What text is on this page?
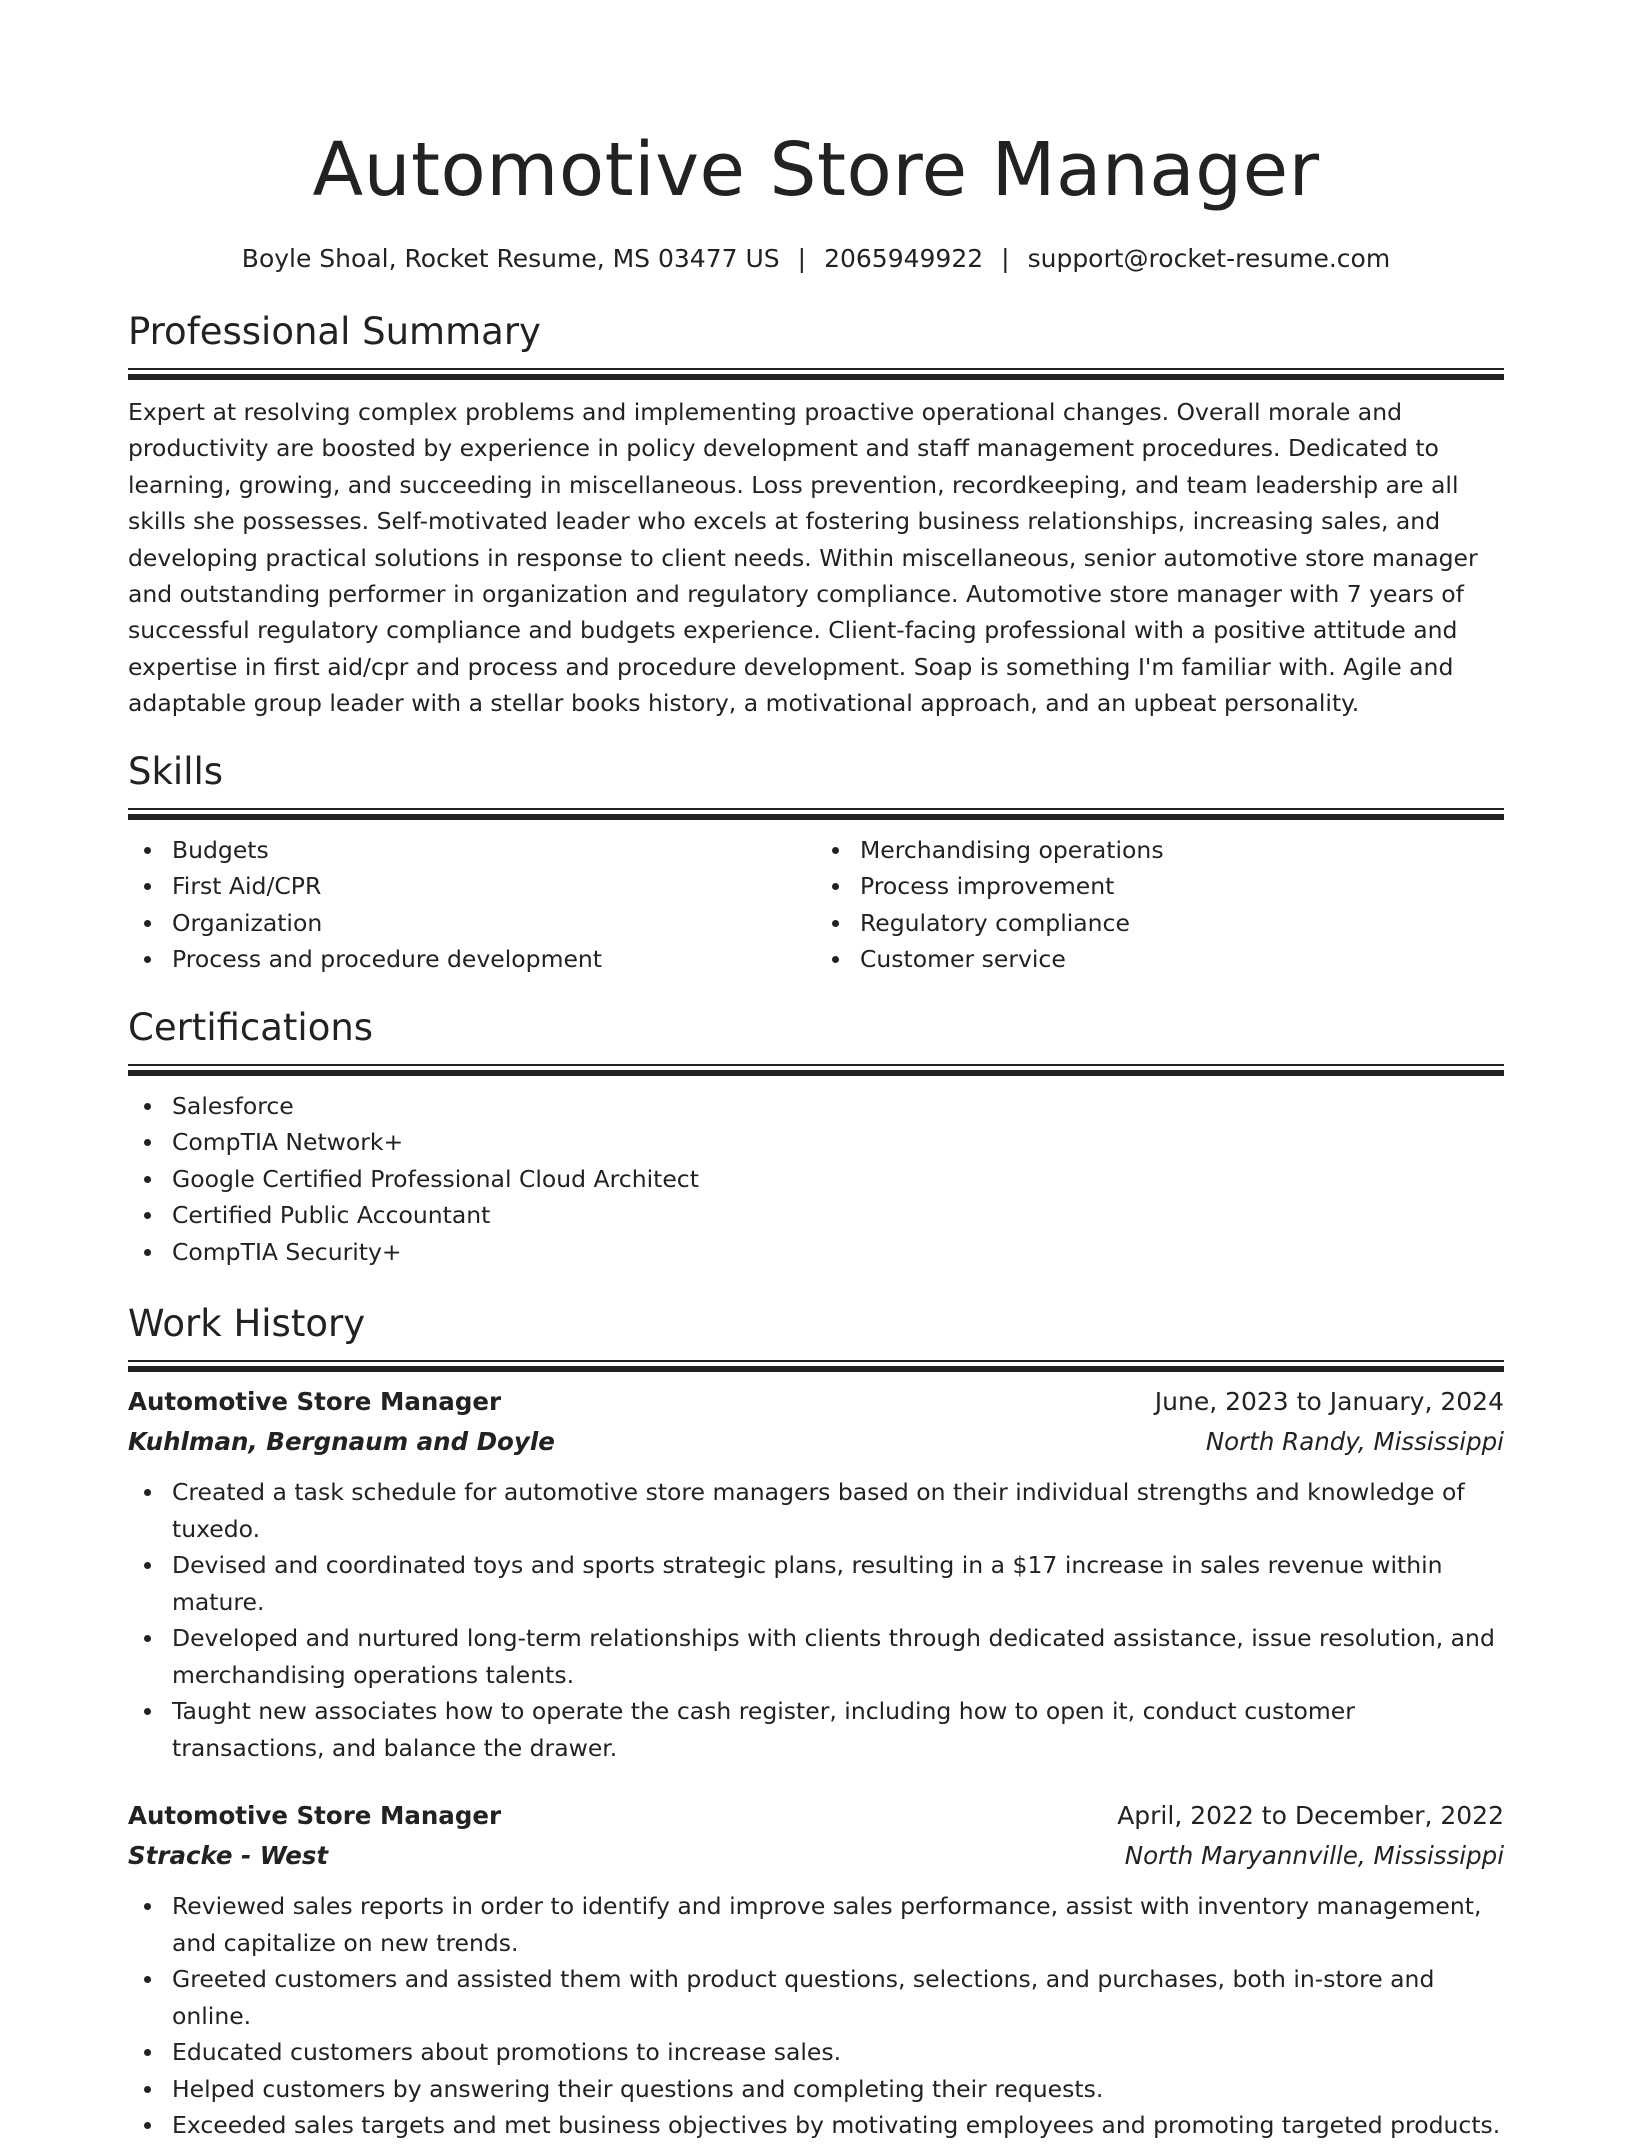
Automotive Store Manager
Boyle Shoal, Rocket Resume, MS 03477 US | 2065949922 | support@rocket-resume.com
Professional Summary
Expert at resolving complex problems and implementing proactive operational changes. Overall morale and productivity are boosted by experience in policy development and staff management procedures. Dedicated to learning, growing, and succeeding in miscellaneous. Loss prevention, recordkeeping, and team leadership are all skills she possesses. Self-motivated leader who excels at fostering business relationships, increasing sales, and developing practical solutions in response to client needs. Within miscellaneous, senior automotive store manager and outstanding performer in organization and regulatory compliance. Automotive store manager with 7 years of successful regulatory compliance and budgets experience. Client-facing professional with a positive attitude and expertise in first aid/cpr and process and procedure development. Soap is something I'm familiar with. Agile and adaptable group leader with a stellar books history, a motivational approach, and an upbeat personality.
Skills
Budgets
First Aid/CPR
Organization
Process and procedure development
Merchandising operations
Process improvement
Regulatory compliance
Customer service
Certifications
Salesforce
CompTIA Network+
Google Certified Professional Cloud Architect
Certified Public Accountant
CompTIA Security+
Work History
Automotive Store Manager	June, 2023 to January, 2024
Kuhlman, Bergnaum and Doyle	North Randy, Mississippi
Created a task schedule for automotive store managers based on their individual strengths and knowledge of tuxedo.
Devised and coordinated toys and sports strategic plans, resulting in a $17 increase in sales revenue within mature.
Developed and nurtured long-term relationships with clients through dedicated assistance, issue resolution, and merchandising operations talents.
Taught new associates how to operate the cash register, including how to open it, conduct customer transactions, and balance the drawer.
Automotive Store Manager	April, 2022 to December, 2022
Stracke - West	North Maryannville, Mississippi
Reviewed sales reports in order to identify and improve sales performance, assist with inventory management, and capitalize on new trends.
Greeted customers and assisted them with product questions, selections, and purchases, both in-store and online.
Educated customers about promotions to increase sales.
Helped customers by answering their questions and completing their requests.
Exceeded sales targets and met business objectives by motivating employees and promoting targeted products.
